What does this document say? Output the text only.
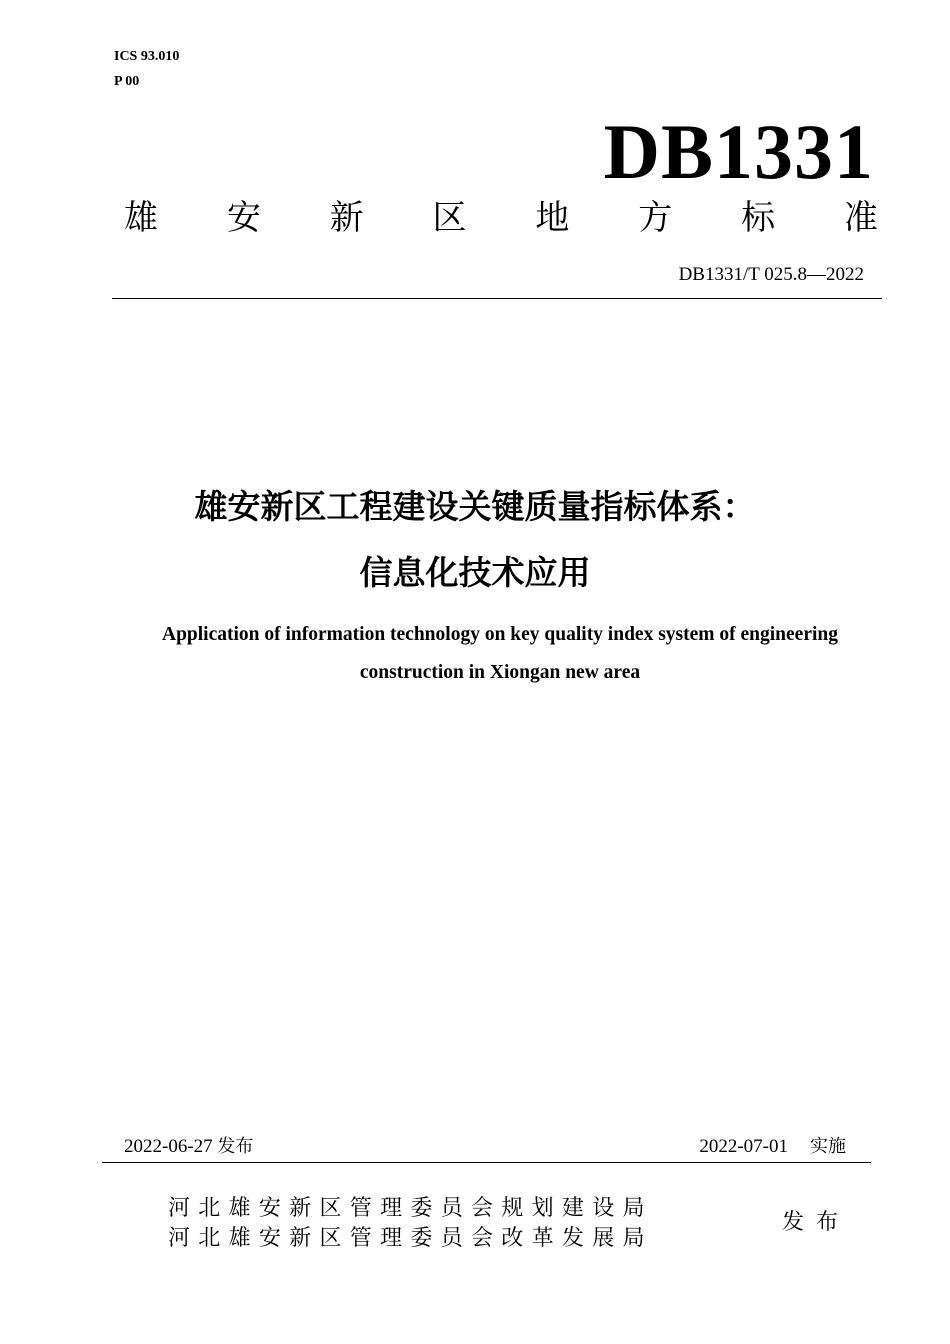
ICS 93.010
P 00
DB1331
雄 安 新 区 地 方 标 准
DB1331/T 025.8—2022
雄安新区工程建设关键质量指标体系：
信息化技术应用
Application of information technology on key quality index system of engineering
construction in Xiongan new area
2022-06-27 发布	2022-07-01 实施
河北雄安新区管理委员会规划建设局
河北雄安新区管理委员会改革发展局
发布
